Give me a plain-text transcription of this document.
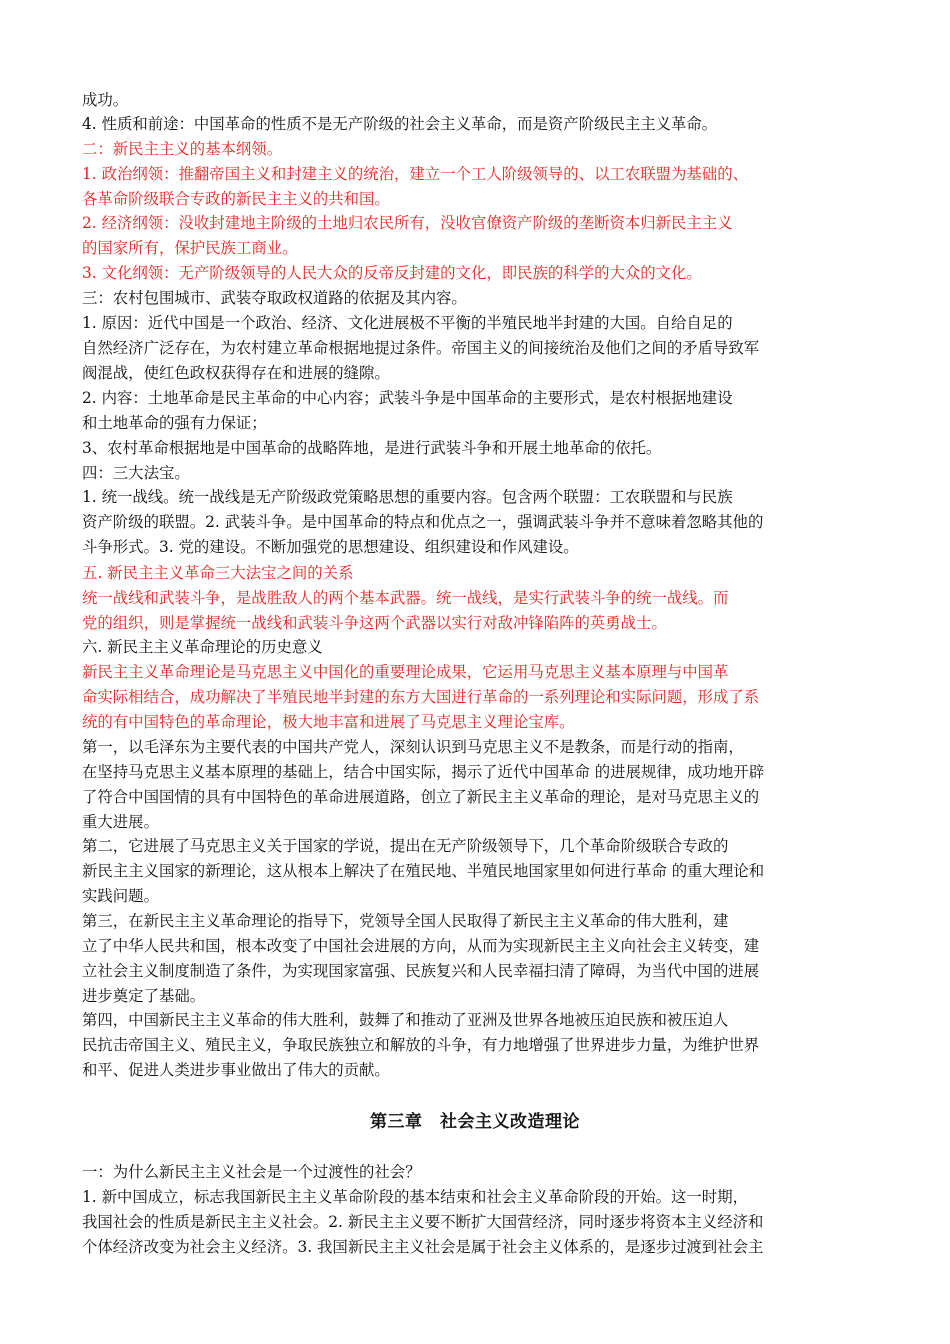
成功。
4. 性质和前途：中国革命的性质不是无产阶级的社会主义革命，而是资产阶级民主主义革命。
二：新民主主义的基本纲领。
1. 政治纲领：推翻帝国主义和封建主义的统治，建立一个工人阶级领导的、以工农联盟为基础的、
各革命阶级联合专政的新民主主义的共和国。
2. 经济纲领：没收封建地主阶级的土地归农民所有，没收官僚资产阶级的垄断资本归新民主主义
的国家所有，保护民族工商业。
3. 文化纲领：无产阶级领导的人民大众的反帝反封建的文化，即民族的科学的大众的文化。
三：农村包围城市、武装夺取政权道路的依据及其内容。
1. 原因：近代中国是一个政治、经济、文化进展极不平衡的半殖民地半封建的大国。自给自足的
自然经济广泛存在，为农村建立革命根据地提过条件。帝国主义的间接统治及他们之间的矛盾导致军
阀混战，使红色政权获得存在和进展的缝隙。
2. 内容：土地革命是民主革命的中心内容；武装斗争是中国革命的主要形式，是农村根据地建设
和土地革命的强有力保证；
3、农村革命根据地是中国革命的战略阵地，是进行武装斗争和开展土地革命的依托。
四：三大法宝。
1. 统一战线。统一战线是无产阶级政党策略思想的重要内容。包含两个联盟：工农联盟和与民族
资产阶级的联盟。2. 武装斗争。是中国革命的特点和优点之一，强调武装斗争并不意味着忽略其他的
斗争形式。3. 党的建设。不断加强党的思想建设、组织建设和作风建设。
五. 新民主主义革命三大法宝之间的关系
统一战线和武装斗争，是战胜敌人的两个基本武器。统一战线，是实行武装斗争的统一战线。而
党的组织，则是掌握统一战线和武装斗争这两个武器以实行对敌冲锋陷阵的英勇战士。
六. 新民主主义革命理论的历史意义
新民主主义革命理论是马克思主义中国化的重要理论成果，它运用马克思主义基本原理与中国革
命实际相结合，成功解决了半殖民地半封建的东方大国进行革命的一系列理论和实际问题，形成了系
统的有中国特色的革命理论，极大地丰富和进展了马克思主义理论宝库。
第一，以毛泽东为主要代表的中国共产党人，深刻认识到马克思主义不是教条，而是行动的指南，
在坚持马克思主义基本原理的基础上，结合中国实际，揭示了近代中国革命 的进展规律，成功地开辟
了符合中国国情的具有中国特色的革命进展道路，创立了新民主主义革命的理论，是对马克思主义的
重大进展。
第二，它进展了马克思主义关于国家的学说，提出在无产阶级领导下，几个革命阶级联合专政的
新民主主义国家的新理论，这从根本上解决了在殖民地、半殖民地国家里如何进行革命 的重大理论和
实践问题。
第三，在新民主主义革命理论的指导下，党领导全国人民取得了新民主主义革命的伟大胜利，建
立了中华人民共和国，根本改变了中国社会进展的方向，从而为实现新民主主义向社会主义转变，建
立社会主义制度制造了条件，为实现国家富强、民族复兴和人民幸福扫清了障碍，为当代中国的进展
进步奠定了基础。
第四，中国新民主主义革命的伟大胜利，鼓舞了和推动了亚洲及世界各地被压迫民族和被压迫人
民抗击帝国主义、殖民主义，争取民族独立和解放的斗争，有力地增强了世界进步力量，为维护世界
和平、促进人类进步事业做出了伟大的贡献。
第三章　社会主义改造理论
一：为什么新民主主义社会是一个过渡性的社会？
1. 新中国成立，标志我国新民主主义革命阶段的基本结束和社会主义革命阶段的开始。这一时期，
我国社会的性质是新民主主义社会。2. 新民主主义要不断扩大国营经济，同时逐步将资本主义经济和
个体经济改变为社会主义经济。3. 我国新民主主义社会是属于社会主义体系的，是逐步过渡到社会主
